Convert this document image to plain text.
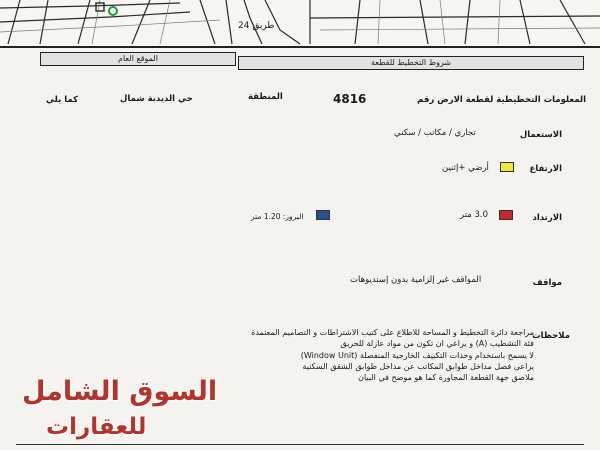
طريق 24
شروط التخطيط للقطعة
الموقع العام
المعلومات التخطيطية لقطعة الارض رقم
4816
المنطقة
حي الديدبة شمال
كما يلي
الاستعمال
تجاري / مكاتب / سكني
الارتفاع
أرضي +إثنين
الارتداد
3.0 متر
البروز: 1.20 متر
مواقف
المواقف غير إلزامية بدون إستديوهات
ملاحظات
مراجعة دائرة التخطيط و المساحة للاطلاع على كتيب الاشتراطات و التصاميم المعتمدة
فئة التشطيب (A) و يراعي ان تكون من مواد عازلة للحريق
لا يسمح باستخدام وحدات التكييف الخارجية المنفصلة (Window Unit)
يراعى فصل مداخل طوابق المكاتب عن مداخل طوابق الشقق السكنية
ملاصق جهة القطعة المجاورة كما هو موضح في البيان
السوق الشامل
للعقارات
